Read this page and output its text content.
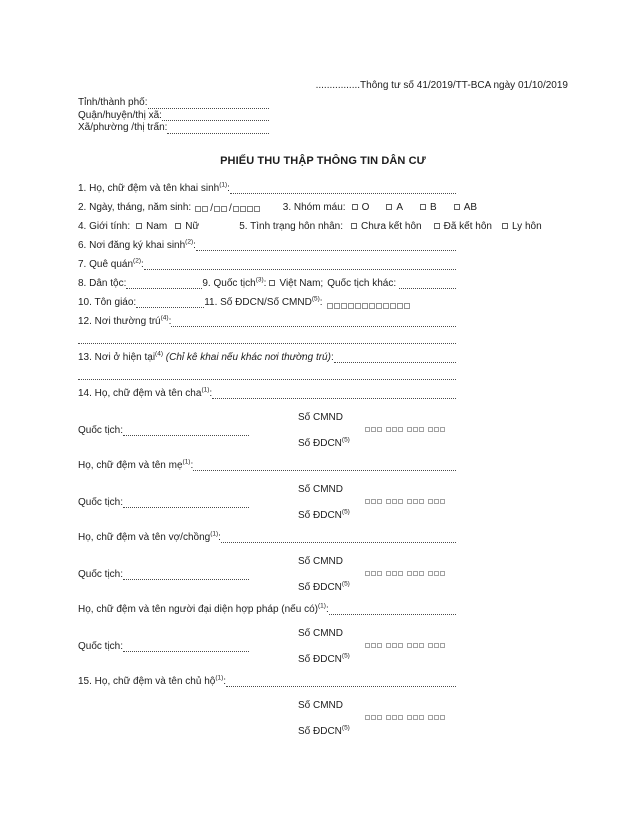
................Thông tư số 41/2019/TT-BCA ngày 01/10/2019
Tỉnh/thành phố:
Quận/huyện/thị xã:
Xã/phường /thị trấn:
PHIẾU THU THẬP THÔNG TIN DÂN CƯ
1. Họ, chữ đệm và tên khai $\sinh^{(1)}$:
2. Ngày, tháng, năm sinh: / /	3. Nhóm máu: O	A	B	AB
4. Giới tính: Nam Nữ	5. Tình trạng hôn nhân: Chưa kết hôn Đã kết hôn Ly hôn
6. Nơi đăng ký khai $\sinh^{(2)}$:
7. Quê quán$^{(2)}$:
8. Dân tộc:	9. Quốc tịch$^{(3)}$: Việt Nam; Quốc tịch khác:
10. Tôn giáo:	11. Số ĐDCN/Số CMND$^{(5)}$:
12. Nơi thường trú$^{(4)}$:
13. Nơi ở hiện tại$^{(4)}$ (Chỉ kê khai nếu khác nơi thường trú):
14. Họ, chữ đệm và tên cha$^{(1)}$:
Số CMND
Quốc tịch:
Số ĐDCN$^{(5)}$
Họ, chữ đệm và tên mẹ$^{(1)}$:
Số CMND
Quốc tịch:
Số ĐDCN$^{(5)}$
Họ, chữ đệm và tên vợ/chồng$^{(1)}$:
Số CMND
Quốc tịch:
Số ĐDCN$^{(5)}$
Họ, chữ đệm và tên người đại diện hợp pháp (nếu có)$^{(1)}$:
Số CMND
Quốc tịch:
Số ĐDCN$^{(5)}$
15. Họ, chữ đệm và tên chủ hộ$^{(1)}$:
Số CMND
Số ĐDCN$^{(5)}$
